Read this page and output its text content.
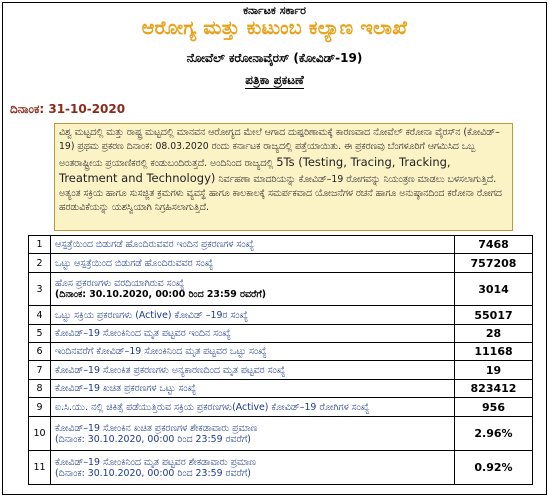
ಕರ್ನಾಟಕ ಸರ್ಕಾರ
ಆರೋಗ್ಯ ಮತ್ತು ಕುಟುಂಬ ಕಲ್ಯಾಣ ಇಲಾಖೆ
ನೋವೆಲ್ ಕರೋನಾವೈರಸ್ (ಕೋವಿಡ್-19)
ಪತ್ರಿಕಾ ಪ್ರಕಟಣೆ
ದಿನಾಂಕ: 31-10-2020
ವಿಶ್ವ ಮಟ್ಟದಲ್ಲಿ ಮತ್ತು ರಾಷ್ಟ್ರ ಮಟ್ಟದಲ್ಲಿ ಮಾನವನ ಆರೋಗ್ಯದ ಮೇಲೆ ಆಗಾದ ದುಷ್ಪರಿಣಾಮಕ್ಕೆ ಕಾರಣವಾದ ನೋವೆಲ್ ಕರೋನಾ ವೈರಸ್‌ನ (ಕೋವಿಡ್–19) ಪ್ರಥಮ ಪ್ರಕರಣ ದಿನಾಂಕ: 08.03.2020 ರಂದು ಕರ್ನಾಟಕ ರಾಜ್ಯದಲ್ಲಿ ಪತ್ತೆಯಾಯಿತು. ಈ ಪ್ರಕರಣವು ಬೆಂಗಳೂರಿಗೆ ಆಗಮಿಸಿದ ಒಬ್ಬ ಅಂತರಾಷ್ಟ್ರೀಯ ಪ್ರಯಾಣಿಕರಲ್ಲಿ ಕಂಡುಬಂದಿರುತ್ತದೆ. ಅಂದಿನಿಂದ ರಾಜ್ಯದಲ್ಲಿ 5Ts (Testing, Tracing, Tracking, Treatment and Technology) ನಿರ್ವಹಣಾ ಮಾದರಿಯನ್ನು ಕೋವಿಡ್–19 ರೋಗವನ್ನು ನಿಯಂತ್ರಣ ಮಾಡಲು ಬಳಸಲಾಗುತ್ತಿದೆ. ಅತ್ಯಂತ ಸಕ್ರಿಯ ಹಾಗೂ ಸುಸಜ್ಜಿತ ಕ್ರಮಗಳು ವ್ಯವಸ್ಥೆ ಹಾಗೂ ಕಾಲಕಾಲಕ್ಕೆ ಸಮರ್ಪಕವಾದ ಯೋಜನೆಗಳ ರಚನೆ ಹಾಗೂ ಅನುಷ್ಠಾನದಿಂದ ಕರೋನಾ ರೋಗದ ಹರಡುವಿಕೆಯನ್ನು ಯಶಸ್ವಿಯಾಗಿ ನಿಗ್ರಹಿಸಲಾಗುತ್ತಿದೆ.
1	ಆಸ್ಪತ್ರೆಯಿಂದ ಬಿಡುಗಡೆ ಹೊಂದಿರುವವರ ಇಂದಿನ ಪ್ರಕರಣಗಳ ಸಂಖ್ಯೆ	7468
2	ಒಟ್ಟು ಆಸ್ಪತ್ರೆಯಿಂದ ಬಿಡುಗಡೆ ಹೊಂದಿರುವವರ ಸಂಖ್ಯೆ	757208
3	ಹೊಸ ಪ್ರಕರಣಗಳು ವರದಿಯಾಗಿರುವ ಸಂಖ್ಯೆ
(ದಿನಾಂಕ: 30.10.2020, 00:00 ರಿಂದ 23:59 ರವರೆಗೆ)	3014
4	ಒಟ್ಟು ಸಕ್ರಿಯ ಪ್ರಕರಣಗಳು (Active) ಕೋವಿಡ್ –19ರ ಸಂಖ್ಯೆ	55017
5	ಕೋವಿಡ್–19 ಸೋಂಕಿನಿಂದ ಮೃತ ಪಟ್ಟವರ ಇಂದಿನ ಸಂಖ್ಯೆ	28
6	ಇಂದಿನವರೆಗೆ ಕೋವಿಡ್–19 ಸೋಂಕಿನಿಂದ ಮೃತ ಪಟ್ಟವರ ಒಟ್ಟು ಸಂಖ್ಯೆ	11168
7	ಕೋವಿಡ್–19 ಸೋಂಕಿತ ಪ್ರಕರಣಗಳು ಅನ್ಯಕಾರಣದಿಂದ ಮೃತ ಪಟ್ಟವರ ಸಂಖ್ಯೆ	19
8	ಕೋವಿಡ್–19 ಖಚಿತ ಪ್ರಕರಣಗಳ ಒಟ್ಟು ಸಂಖ್ಯೆ	823412
9	ಐ.ಸಿ.ಯು. ನಲ್ಲಿ ಚಿಕಿತ್ಸೆ ಪಡೆಯುತ್ತಿರುವ ಸಕ್ರಿಯ ಪ್ರಕರಣಗಳು(Active) ಕೋವಿಡ್–19 ರೋಗಿಗಳ ಸಂಖ್ಯೆ	956
10	ಕೋವಿಡ್–19 ಸೋಂಕಿನ ಖಚಿತ ಪ್ರಕರಣಗಳ ಶೇಕಡಾವಾರು ಪ್ರಮಾಣ
(ದಿನಾಂಕ: 30.10.2020, 00:00 ರಿಂದ 23:59 ರವರೆಗೆ)	2.96%
11	ಕೋವಿಡ್–19 ಸೋಂಕಿನಿಂದ ಮೃತ ಪಟ್ಟವರ ಶೇಕಡಾವಾರು ಪ್ರಮಾಣ
(ದಿನಾಂಕ: 30.10.2020, 00:00 ರಿಂದ 23:59 ರವರೆಗೆ)	0.92%
